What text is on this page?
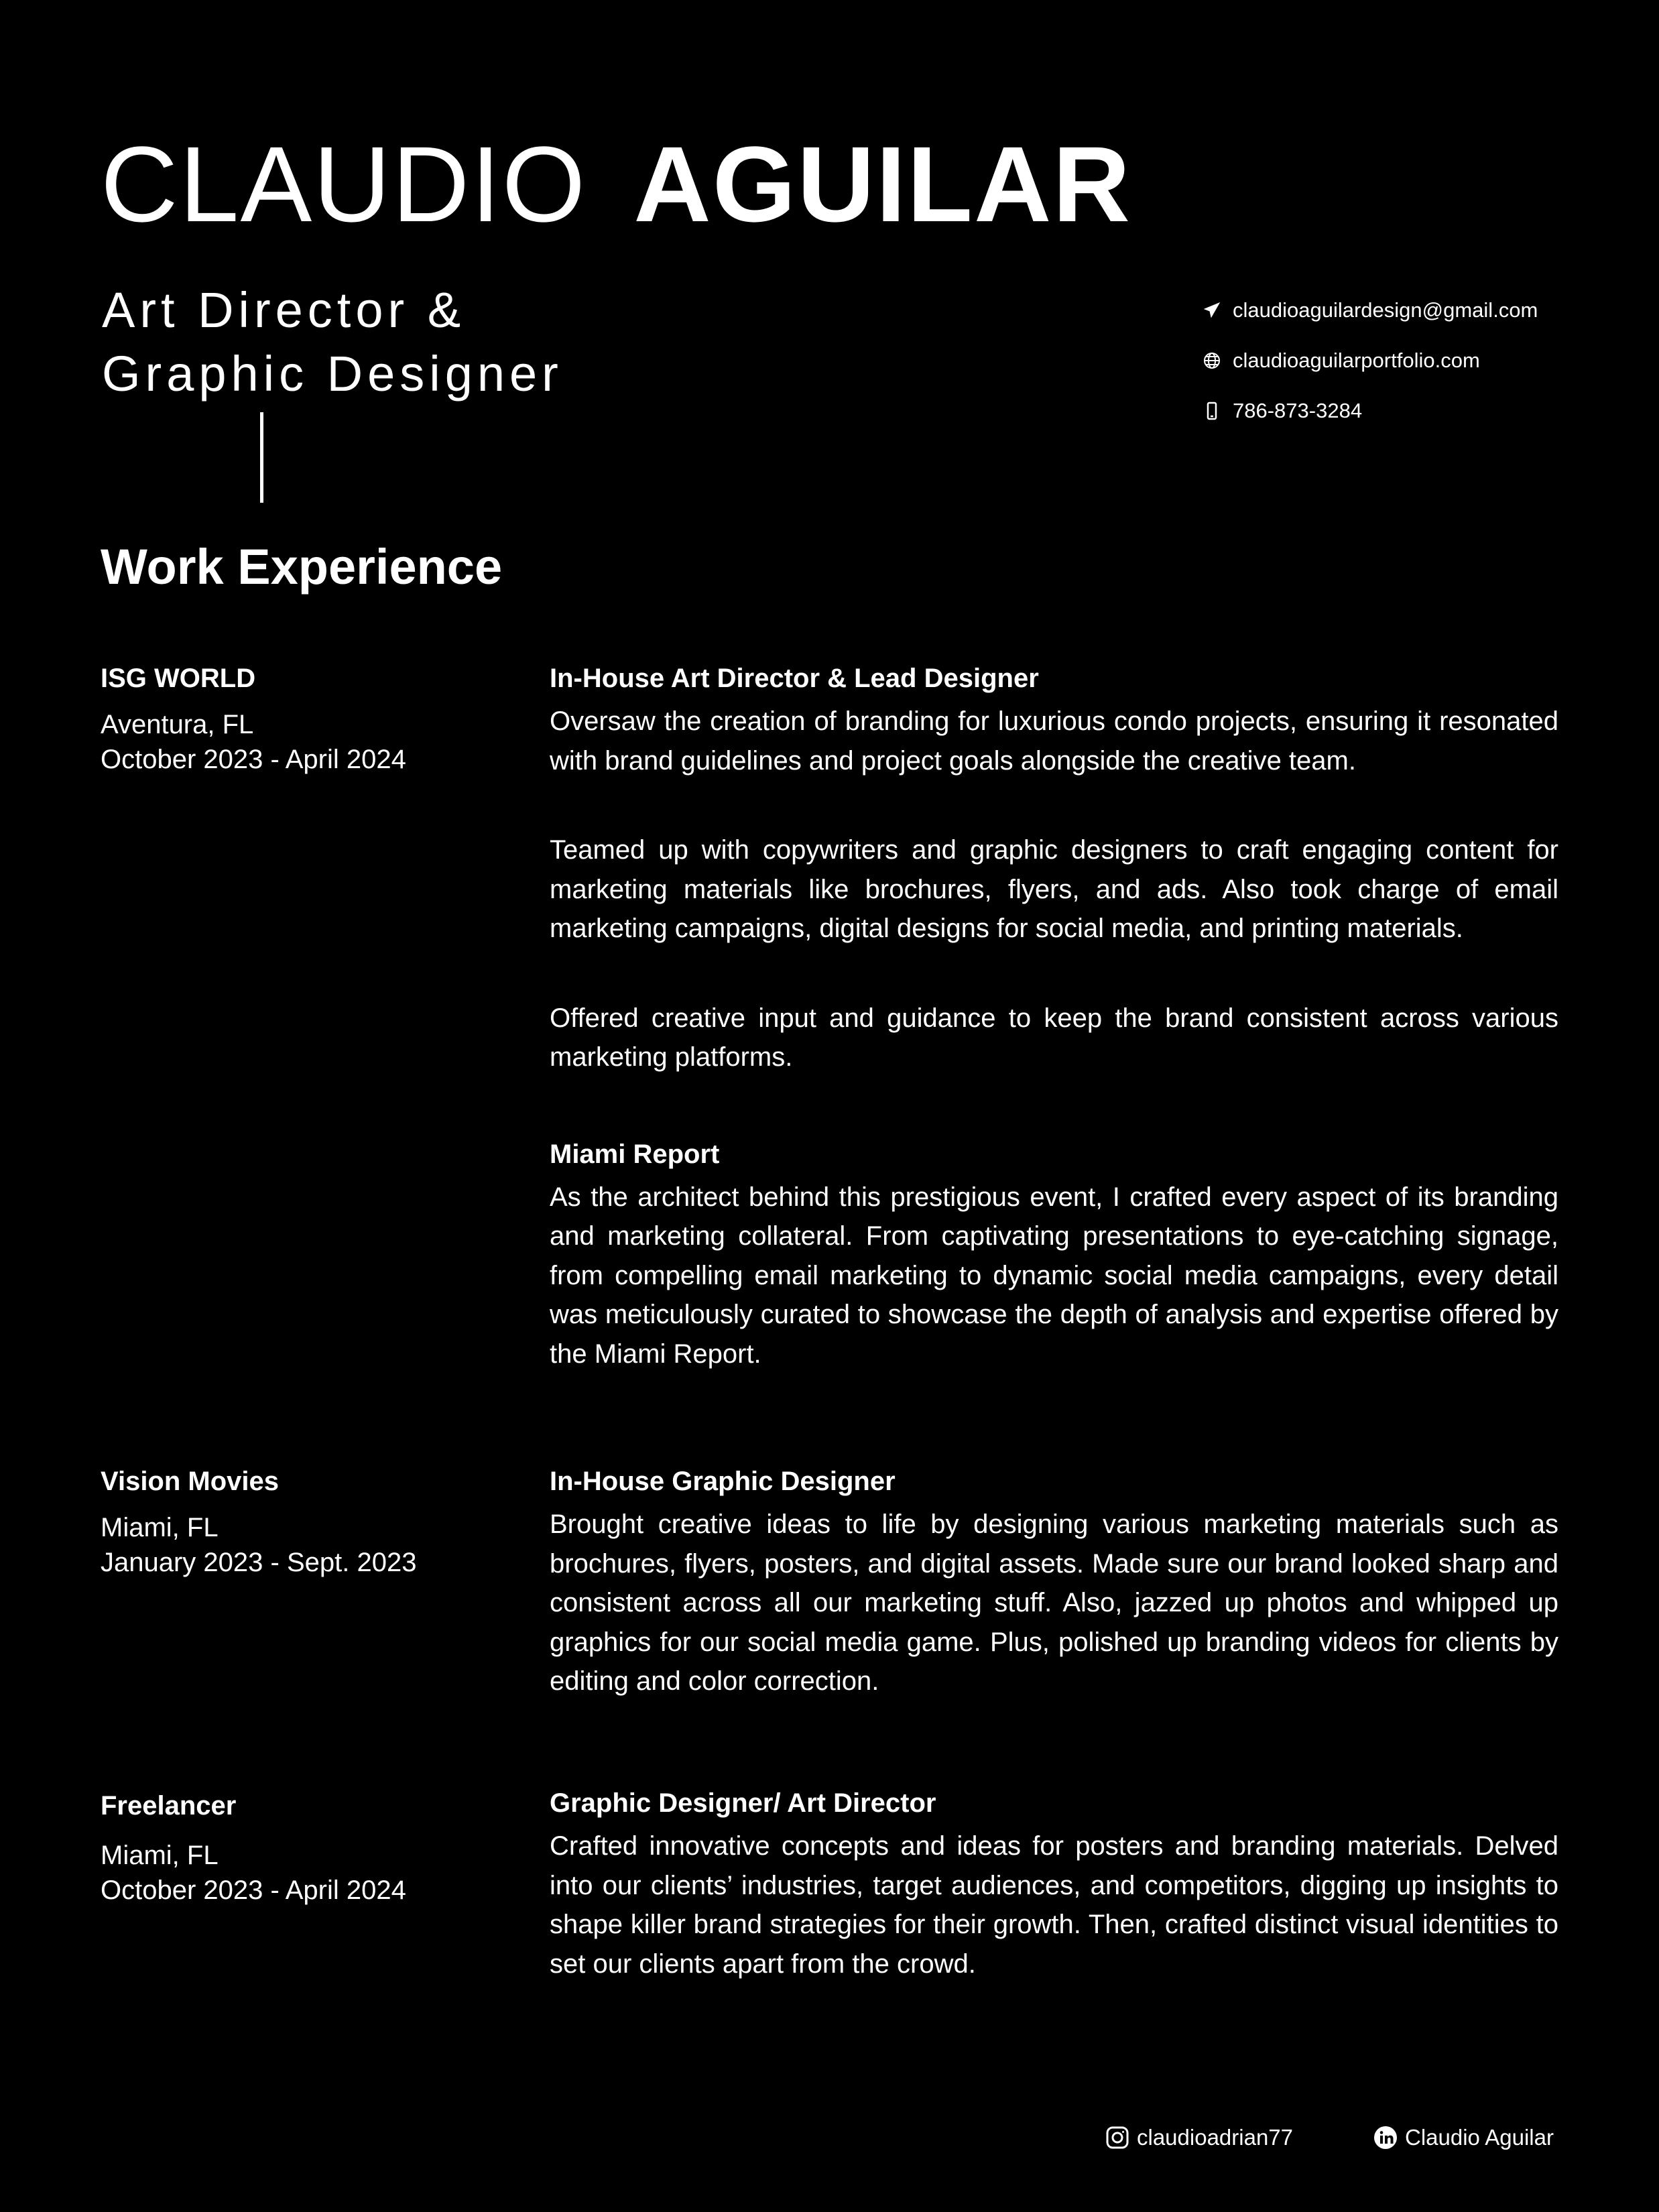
CLAUDIO AGUILAR
Art Director &
Graphic Designer
claudioaguilardesign@gmail.com
claudioaguilarportfolio.com
786-873-3284
Work Experience
ISG WORLD
Aventura, FL
October 2023 - April 2024
In-House Art Director & Lead Designer

Oversaw the creation of branding for luxurious condo projects, ensuring it resonated with brand guidelines and project goals alongside the creative team.

Teamed up with copywriters and graphic designers to craft engaging content for marketing materials like brochures, flyers, and ads. Also took charge of email marketing campaigns, digital designs for social media, and printing materials.

Offered creative input and guidance to keep the brand consistent across various marketing platforms.

Miami Report

As the architect behind this prestigious event, I crafted every aspect of its branding and marketing collateral. From captivating presentations to eye-catching signage, from compelling email marketing to dynamic social media campaigns, every detail was meticulously curated to showcase the depth of analysis and expertise offered by the Miami Report.

Vision Movies
Miami, FL
January 2023 - Sept. 2023
In-House Graphic Designer

Brought creative ideas to life by designing various marketing materials such as brochures, flyers, posters, and digital assets. Made sure our brand looked sharp and consistent across all our marketing stuff. Also, jazzed up photos and whipped up graphics for our social media game. Plus, polished up branding videos for clients by editing and color correction.

Freelancer
Miami, FL
October 2023 - April 2024
Graphic Designer/ Art Director

Crafted innovative concepts and ideas for posters and branding materials. Delved into our clients’ industries, target audiences, and competitors, digging up insights to shape killer brand strategies for their growth. Then, crafted distinct visual identities to set our clients apart from the crowd.

claudioadrian77	Claudio Aguilar
